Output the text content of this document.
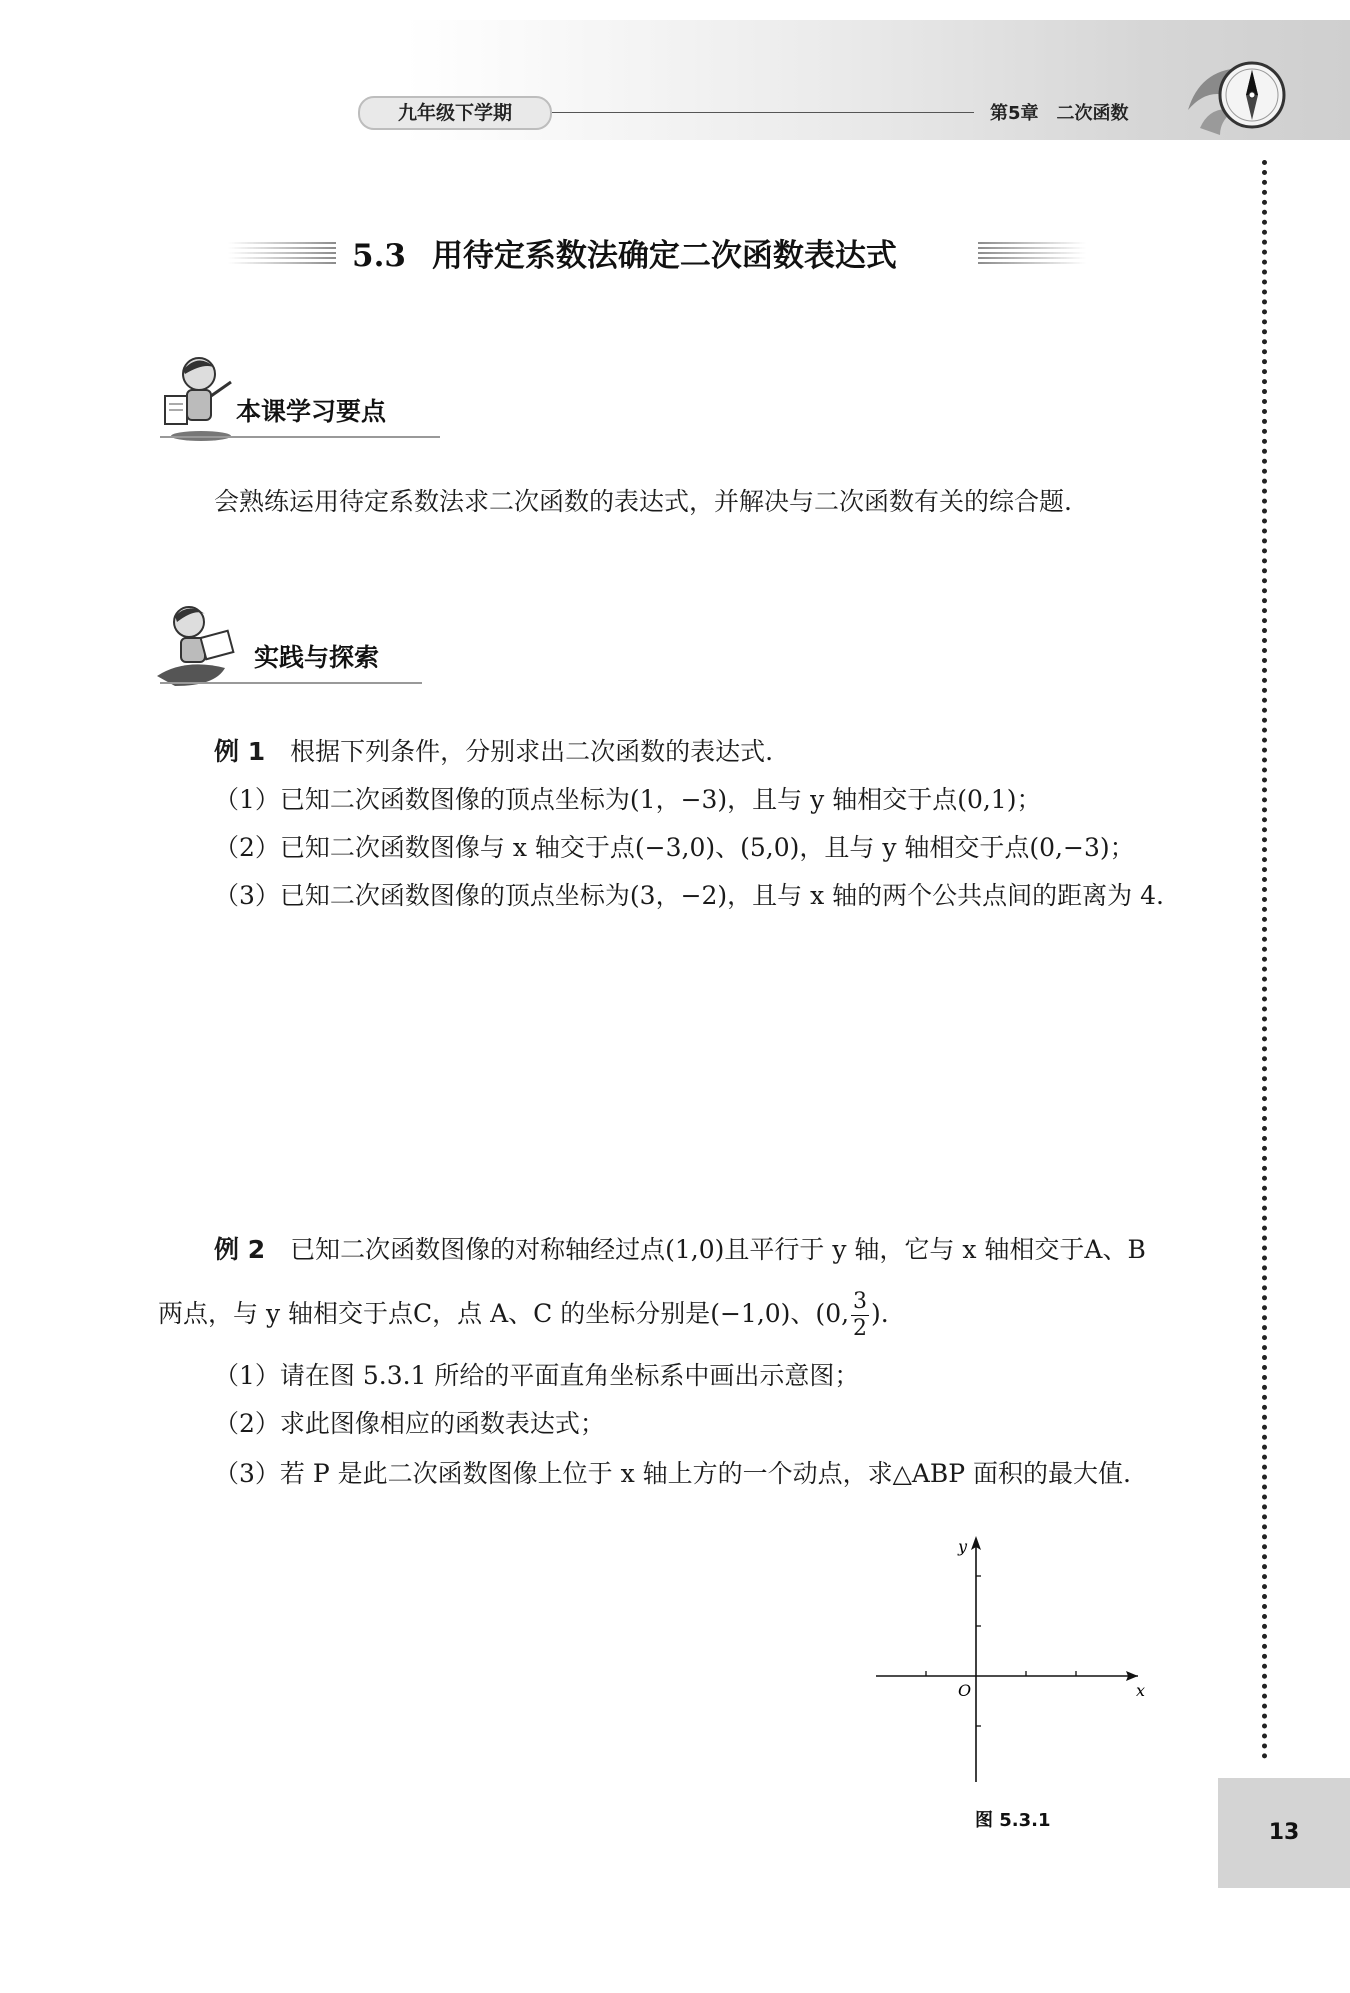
九年级下学期	第5章　二次函数
13
5.3 用待定系数法确定二次函数表达式
本课学习要点
会熟练运用待定系数法求二次函数的表达式，并解决与二次函数有关的综合题.
实践与探索
例 1　 根据下列条件，分别求出二次函数的表达式.
（1）已知二次函数图像的顶点坐标为(1，−3)，且与 y 轴相交于点(0,1)；
（2）已知二次函数图像与 x 轴交于点(−3,0)、(5,0)，且与 y 轴相交于点(0,−3)；
（3）已知二次函数图像的顶点坐标为(3，−2)，且与 x 轴的两个公共点间的距离为 4.
例 2　 已知二次函数图像的对称轴经过点(1,0)且平行于 y 轴，它与 x 轴相交于A、B 两点，与 y 轴相交于点C，点 A、C 的坐标分别是(−1,0)、(0, $\frac{3}{2}$ ).
（1）请在图 5.3.1 所给的平面直角坐标系中画出示意图；
（2）求此图像相应的函数表达式；
（3）若 P 是此二次函数图像上位于 x 轴上方的一个动点，求△ABP 面积的最大值.
x
y
O
图 5.3.1
